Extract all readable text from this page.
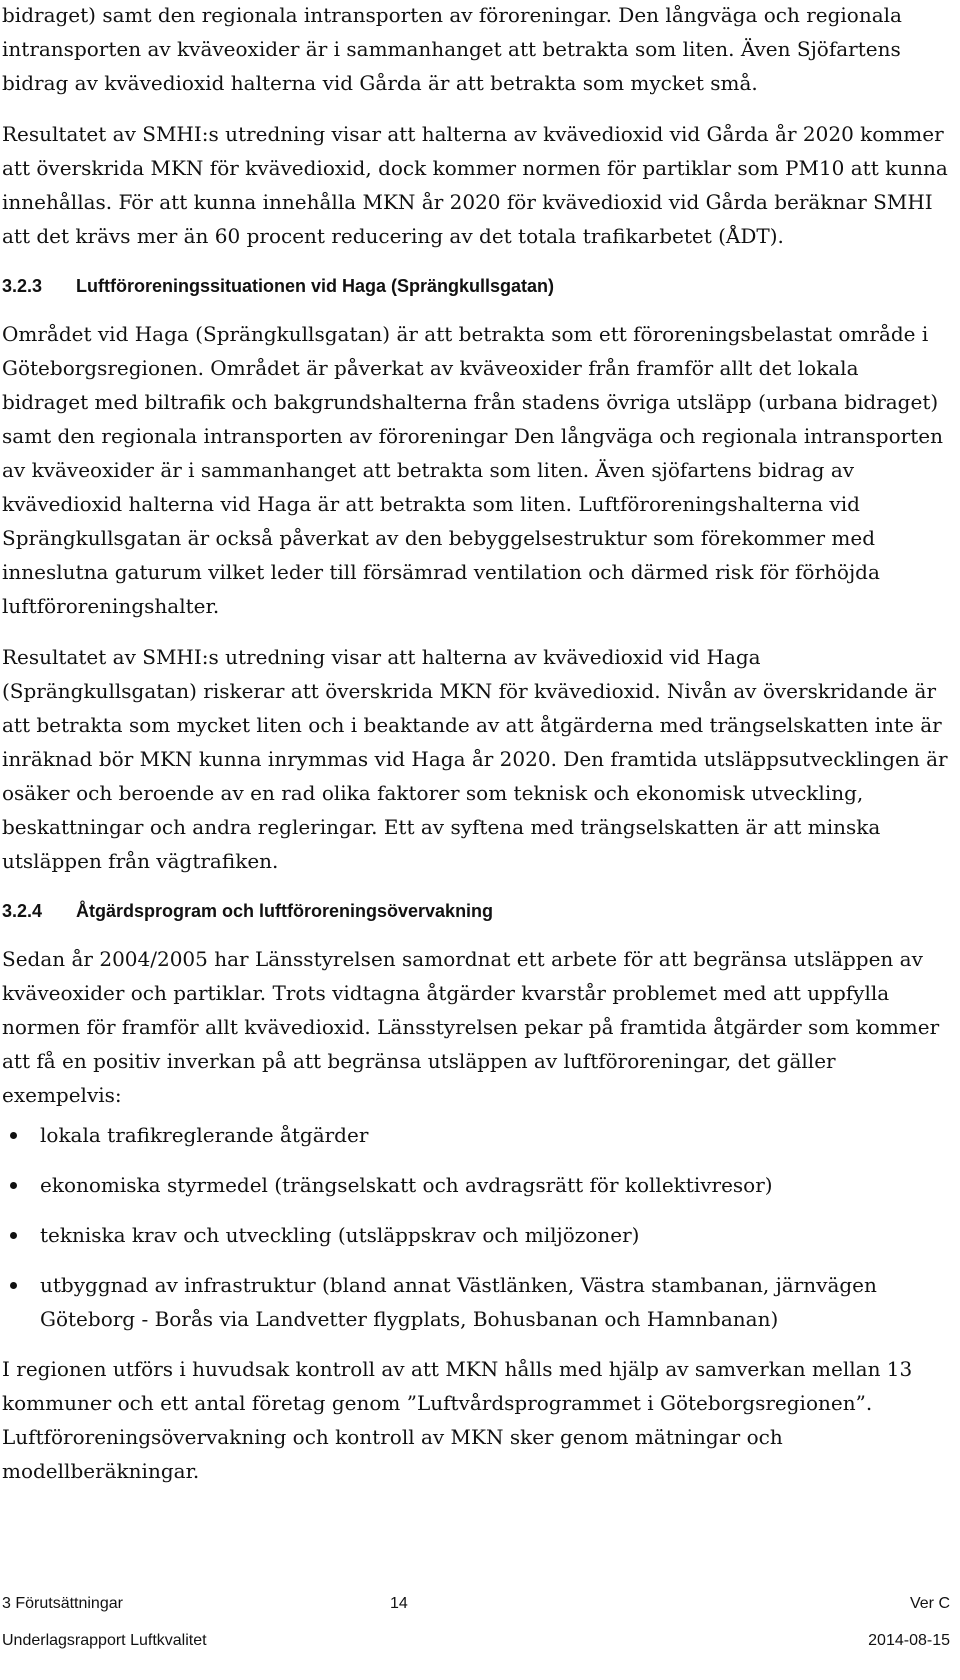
bidraget) samt den regionala intransporten av föroreningar. Den långväga och regionala intransporten av kväveoxider är i sammanhanget att betrakta som liten. Även Sjöfartens bidrag av kvävedioxid halterna vid Gårda är att betrakta som mycket små.

Resultatet av SMHI:s utredning visar att halterna av kvävedioxid vid Gårda år 2020 kommer att överskrida MKN för kvävedioxid, dock kommer normen för partiklar som PM10 att kunna innehållas. För att kunna innehålla MKN år 2020 för kvävedioxid vid Gårda beräknar SMHI att det krävs mer än 60 procent reducering av det totala trafikarbetet (ÅDT).

3.2.3	Luftföroreningssituationen vid Haga (Sprängkullsgatan)

Området vid Haga (Sprängkullsgatan) är att betrakta som ett föroreningsbelastat område i Göteborgsregionen. Området är påverkat av kväveoxider från framför allt det lokala bidraget med biltrafik och bakgrundshalterna från stadens övriga utsläpp (urbana bidraget) samt den regionala intransporten av föroreningar Den långväga och regionala intransporten av kväveoxider är i sammanhanget att betrakta som liten. Även sjöfartens bidrag av kvävedioxid halterna vid Haga är att betrakta som liten. Luftföroreningshalterna vid Sprängkullsgatan är också påverkat av den bebyggelsestruktur som förekommer med inneslutna gaturum vilket leder till försämrad ventilation och därmed risk för förhöjda luftföroreningshalter.

Resultatet av SMHI:s utredning visar att halterna av kvävedioxid vid Haga (Sprängkullsgatan) riskerar att överskrida MKN för kvävedioxid. Nivån av överskridande är att betrakta som mycket liten och i beaktande av att åtgärderna med trängselskatten inte är inräknad bör MKN kunna inrymmas vid Haga år 2020. Den framtida utsläppsutvecklingen är osäker och beroende av en rad olika faktorer som teknisk och ekonomisk utveckling, beskattningar och andra regleringar. Ett av syftena med trängselskatten är att minska utsläppen från vägtrafiken.

3.2.4	Åtgärdsprogram och luftföroreningsövervakning

Sedan år 2004/2005 har Länsstyrelsen samordnat ett arbete för att begränsa utsläppen av kväveoxider och partiklar. Trots vidtagna åtgärder kvarstår problemet med att uppfylla normen för framför allt kvävedioxid. Länsstyrelsen pekar på framtida åtgärder som kommer att få en positiv inverkan på att begränsa utsläppen av luftföroreningar, det gäller exempelvis:

lokala trafikreglerande åtgärder
ekonomiska styrmedel (trängselskatt och avdragsrätt för kollektivresor)
tekniska krav och utveckling (utsläppskrav och miljözoner)
utbyggnad av infrastruktur (bland annat Västlänken, Västra stambanan, järnvägen Göteborg - Borås via Landvetter flygplats, Bohusbanan och Hamnbanan)

I regionen utförs i huvudsak kontroll av att MKN hålls med hjälp av samverkan mellan 13 kommuner och ett antal företag genom ”Luftvårdsprogrammet i Göteborgsregionen”. Luftföroreningsövervakning och kontroll av MKN sker genom mätningar och modellberäkningar.

3 Förutsättningar	14	Ver C
Underlagsrapport Luftkvalitet	2014-08-15
